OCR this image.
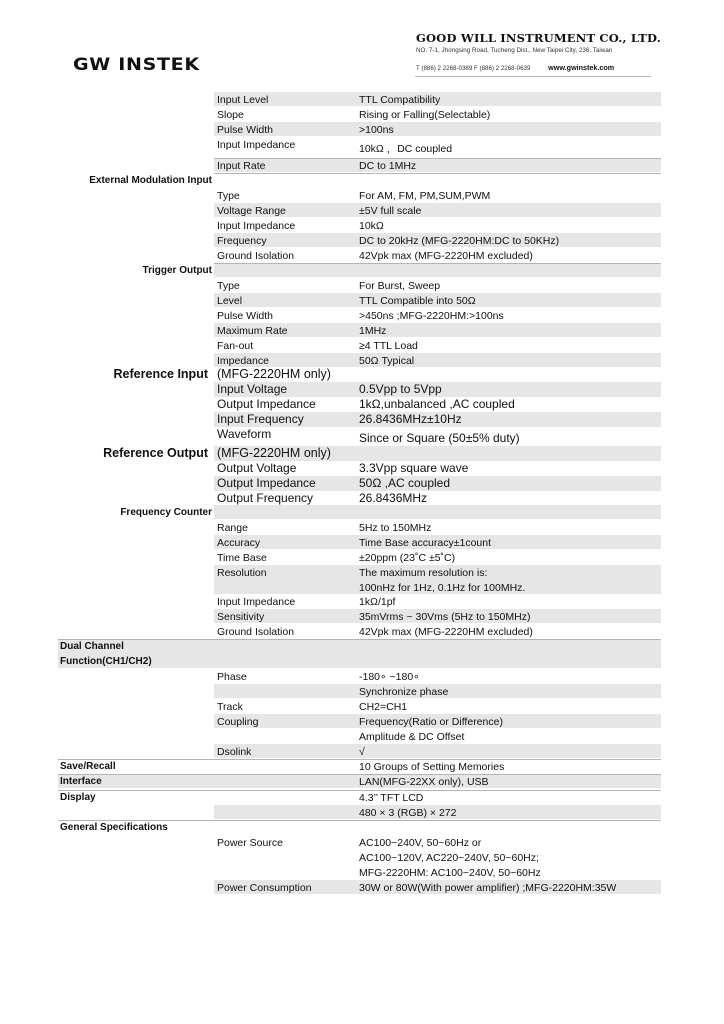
GW INSTEK
GOOD WILL INSTRUMENT CO., LTD.
NO. 7-1, Jhongsing Road, Tucheng Dist., New Taipei City, 236, Taiwan
T (886) 2 2268-0389 F (886) 2 2268-0639 www.gwinstek.com
Input Level	TTL Compatibility
Slope	Rising or Falling(Selectable)
Pulse Width	>100ns
Input Impedance	10kΩ ，DC coupled
Input Rate	DC to 1MHz
External Modulation Input
Type	For AM, FM, PM,SUM,PWM
Voltage Range	±5V full scale
Input Impedance	10kΩ
Frequency	DC to 20kHz (MFG-2220HM:DC to 50KHz)
Ground Isolation	42Vpk max (MFG-2220HM excluded)
Trigger Output
Type	For Burst, Sweep
Level	TTL Compatible into 50Ω
Pulse Width	>450ns ;MFG-2220HM:>100ns
Maximum Rate	1MHz
Fan-out	≥4 TTL Load
Impedance	50Ω Typical
Reference Input (MFG-2220HM only)
Input Voltage	0.5Vpp to 5Vpp
Output Impedance	1kΩ,unbalanced ,AC coupled
Input Frequency	26.8436MHz±10Hz
Waveform	Since or Square (50±5% duty)
Reference Output (MFG-2220HM only)
Output Voltage	3.3Vpp square wave
Output Impedance	50Ω ,AC coupled
Output Frequency	26.8436MHz
Frequency Counter
Range	5Hz to 150MHz
Accuracy	Time Base accuracy±1count
Time Base	±20ppm (23˚C ±5˚C)
Resolution	The maximum resolution is:
100nHz for 1Hz, 0.1Hz for 100MHz.
Input Impedance	1kΩ/1pf
Sensitivity	35mVrms ~ 30Vms (5Hz to 150MHz)
Ground Isolation	42Vpk max (MFG-2220HM excluded)
Dual Channel
Function(CH1/CH2)
Phase	-180∘ ~180∘
Synchronize phase
Track	CH2=CH1
Coupling	Frequency(Ratio or Difference)
Amplitude & DC Offset
Dsolink	√
Save/Recall	10 Groups of Setting Memories
Interface	LAN(MFG-22XX only), USB
Display	4.3’’ TFT LCD
480 × 3 (RGB) × 272
General Specifications
Power Source	AC100~240V, 50~60Hz or
AC100~120V, AC220~240V, 50~60Hz;
MFG-2220HM: AC100~240V, 50~60Hz
Power Consumption	30W or 80W(With power amplifier) ;MFG-2220HM:35W
